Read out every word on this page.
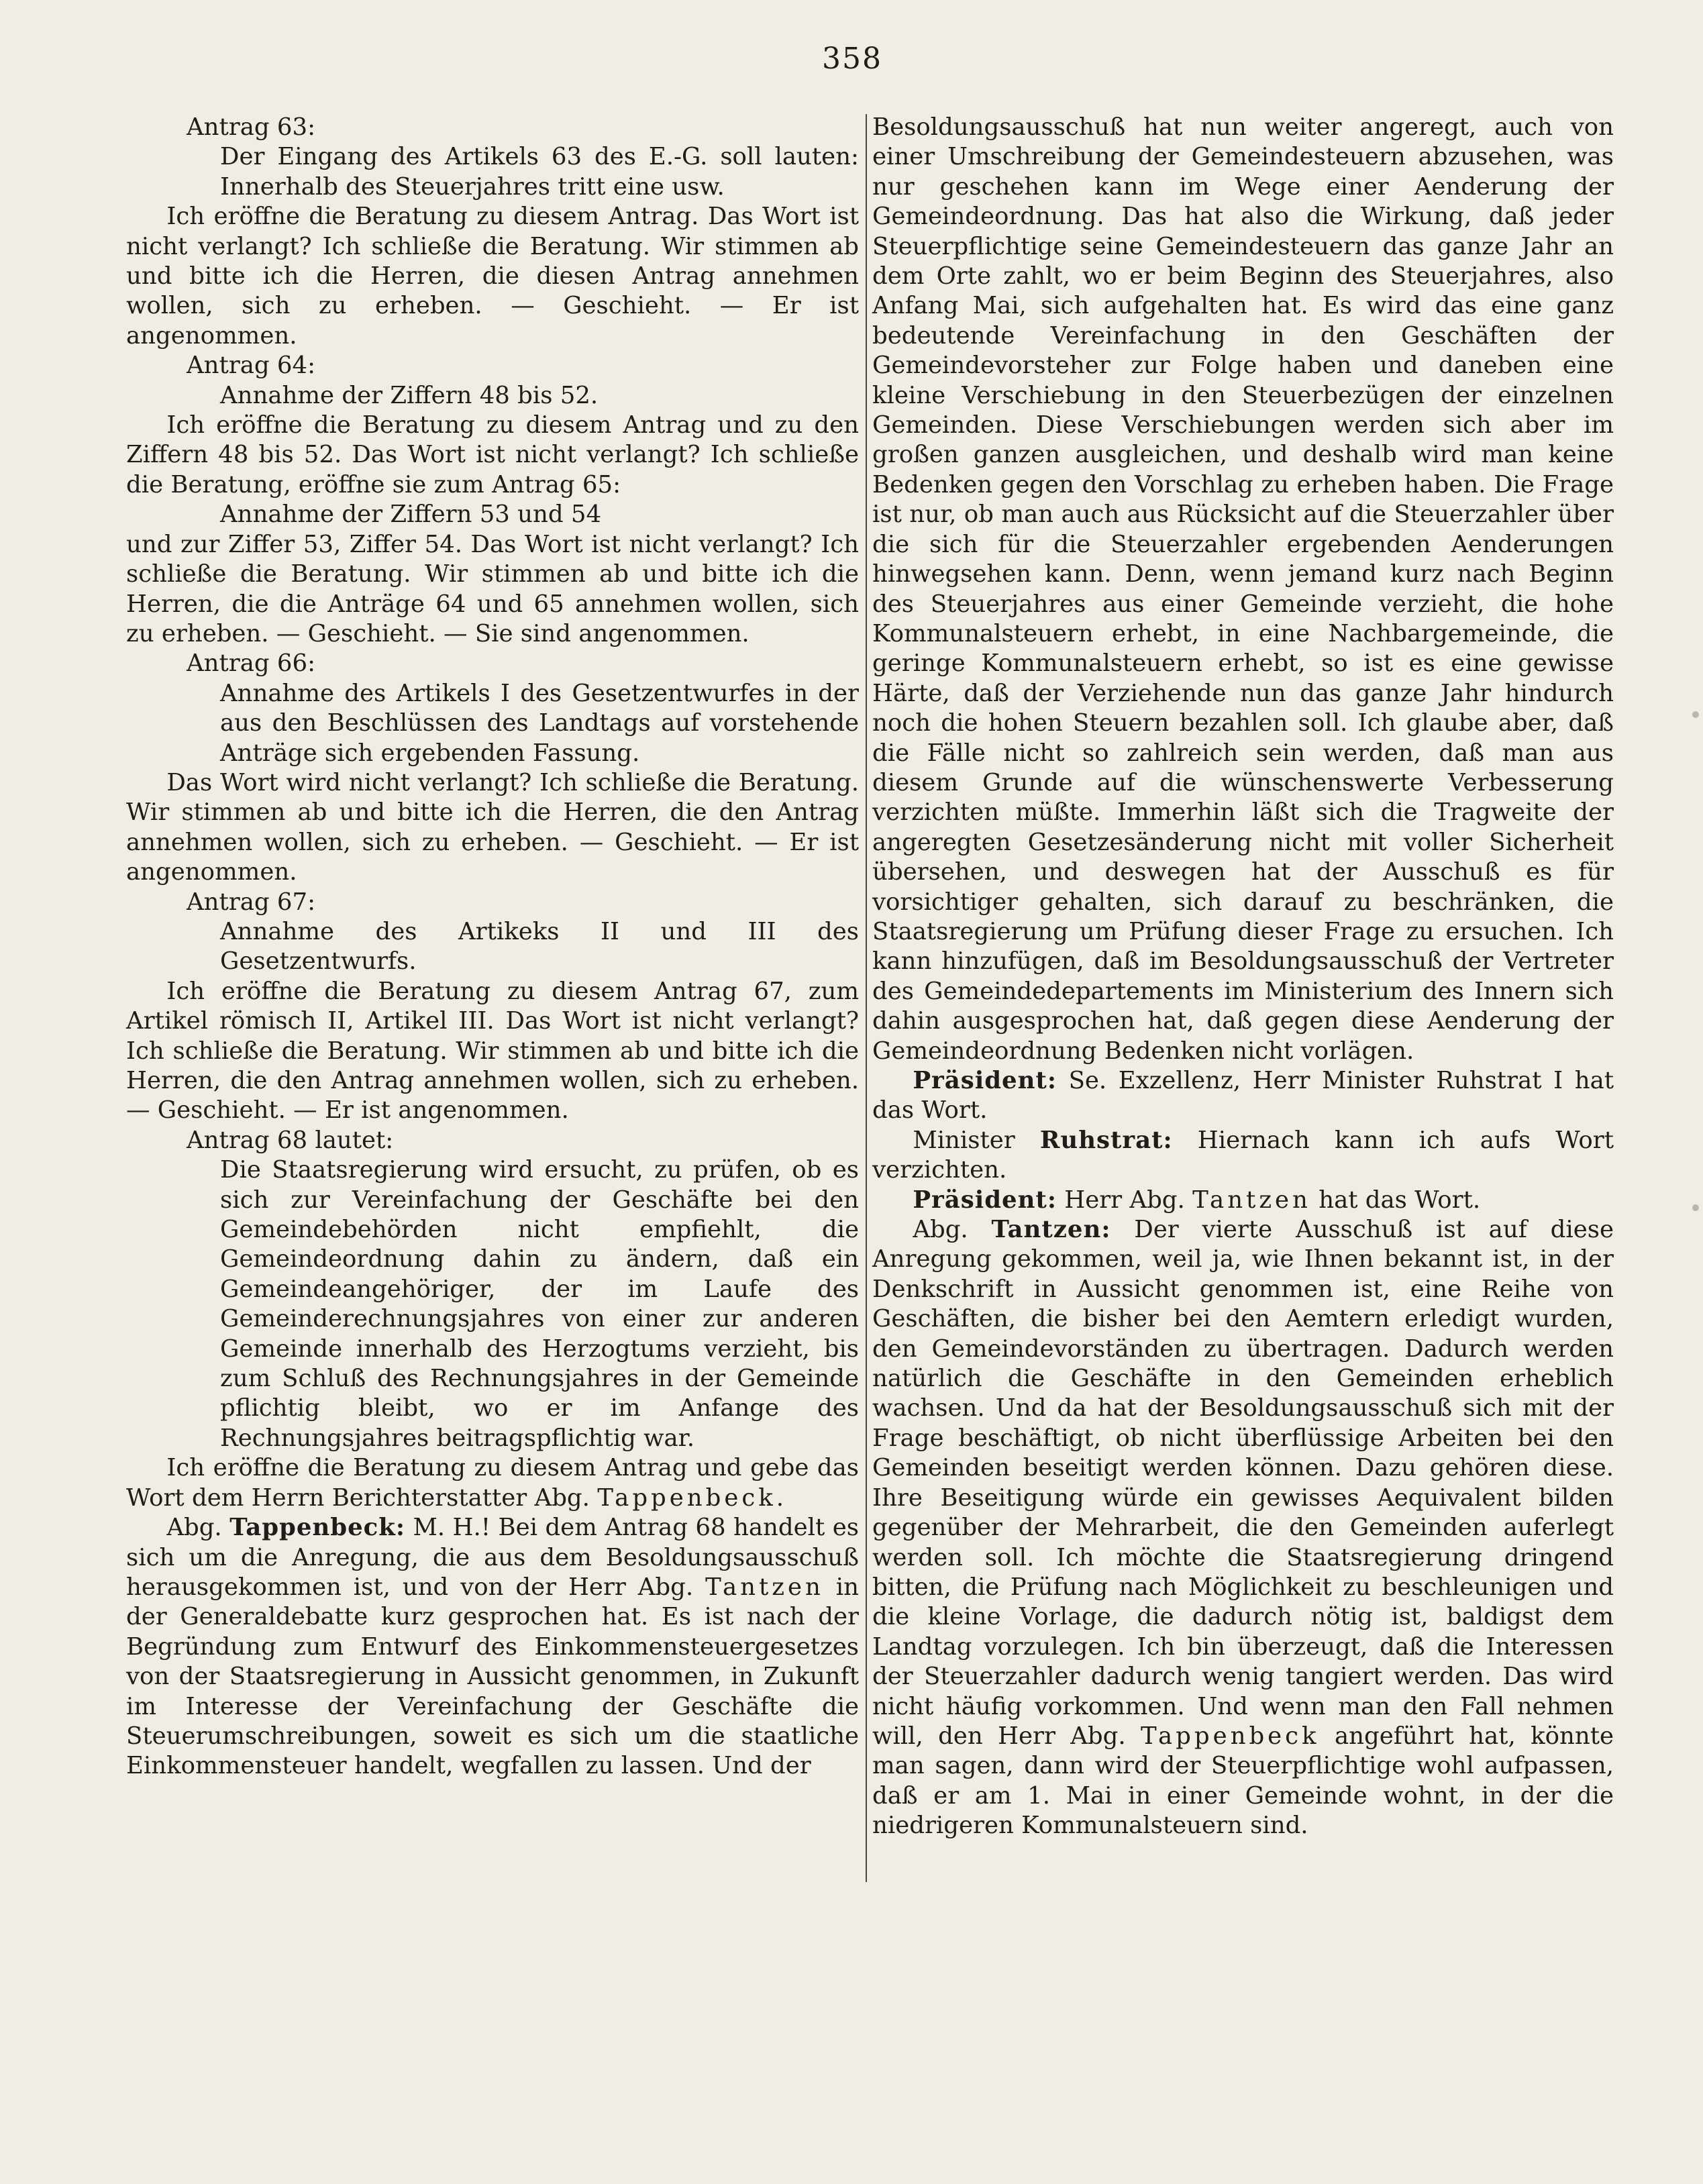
358

Antrag 63:

Der Eingang des Artikels 63 des E.-G. soll lauten: Innerhalb des Steuerjahres tritt eine usw.

Ich eröffne die Beratung zu diesem Antrag. Das Wort ist nicht verlangt? Ich schließe die Beratung. Wir stimmen ab und bitte ich die Herren, die diesen Antrag annehmen wollen, sich zu erheben. — Geschieht. — Er ist angenommen.

Antrag 64:

Annahme der Ziffern 48 bis 52.

Ich eröffne die Beratung zu diesem Antrag und zu den Ziffern 48 bis 52. Das Wort ist nicht verlangt? Ich schließe die Beratung, eröffne sie zum Antrag 65:

Annahme der Ziffern 53 und 54

und zur Ziffer 53, Ziffer 54. Das Wort ist nicht verlangt? Ich schließe die Beratung. Wir stimmen ab und bitte ich die Herren, die die Anträge 64 und 65 annehmen wollen, sich zu erheben. — Geschieht. — Sie sind angenommen.

Antrag 66:

Annahme des Artikels I des Gesetzentwurfes in der aus den Beschlüssen des Landtags auf vorstehende Anträge sich ergebenden Fassung.

Das Wort wird nicht verlangt? Ich schließe die Beratung. Wir stimmen ab und bitte ich die Herren, die den Antrag annehmen wollen, sich zu erheben. — Geschieht. — Er ist angenommen.

Antrag 67:

Annahme des Artikeks II und III des Gesetzentwurfs.

Ich eröffne die Beratung zu diesem Antrag 67, zum Artikel römisch II, Artikel III. Das Wort ist nicht verlangt? Ich schließe die Beratung. Wir stimmen ab und bitte ich die Herren, die den Antrag annehmen wollen, sich zu erheben. — Geschieht. — Er ist angenommen.

Antrag 68 lautet:

Die Staatsregierung wird ersucht, zu prüfen, ob es sich zur Vereinfachung der Geschäfte bei den Gemeindebehörden nicht empfiehlt, die Gemeindeordnung dahin zu ändern, daß ein Gemeindeangehöriger, der im Laufe des Gemeinderechnungsjahres von einer zur anderen Gemeinde innerhalb des Herzogtums verzieht, bis zum Schluß des Rechnungsjahres in der Gemeinde pflichtig bleibt, wo er im Anfange des Rechnungsjahres beitragspflichtig war.

Ich eröffne die Beratung zu diesem Antrag und gebe das Wort dem Herrn Berichterstatter Abg. Tappenbeck.

Abg. Tappenbeck: M. H.! Bei dem Antrag 68 handelt es sich um die Anregung, die aus dem Besoldungsausschuß herausgekommen ist, und von der Herr Abg. Tantzen in der Generaldebatte kurz gesprochen hat. Es ist nach der Begründung zum Entwurf des Einkommensteuergesetzes von der Staatsregierung in Aussicht genommen, in Zukunft im Interesse der Vereinfachung der Geschäfte die Steuerumschreibungen, soweit es sich um die staatliche Einkommensteuer handelt, wegfallen zu lassen. Und der

Besoldungsausschuß hat nun weiter angeregt, auch von einer Umschreibung der Gemeindesteuern abzusehen, was nur geschehen kann im Wege einer Aenderung der Gemeindeordnung. Das hat also die Wirkung, daß jeder Steuerpflichtige seine Gemeindesteuern das ganze Jahr an dem Orte zahlt, wo er beim Beginn des Steuerjahres, also Anfang Mai, sich aufgehalten hat. Es wird das eine ganz bedeutende Vereinfachung in den Geschäften der Gemeindevorsteher zur Folge haben und daneben eine kleine Verschiebung in den Steuerbezügen der einzelnen Gemeinden. Diese Verschiebungen werden sich aber im großen ganzen ausgleichen, und deshalb wird man keine Bedenken gegen den Vorschlag zu erheben haben. Die Frage ist nur, ob man auch aus Rücksicht auf die Steuerzahler über die sich für die Steuerzahler ergebenden Aenderungen hinwegsehen kann. Denn, wenn jemand kurz nach Beginn des Steuerjahres aus einer Gemeinde verzieht, die hohe Kommunalsteuern erhebt, in eine Nachbargemeinde, die geringe Kommunalsteuern erhebt, so ist es eine gewisse Härte, daß der Verziehende nun das ganze Jahr hindurch noch die hohen Steuern bezahlen soll. Ich glaube aber, daß die Fälle nicht so zahlreich sein werden, daß man aus diesem Grunde auf die wünschenswerte Verbesserung verzichten müßte. Immerhin läßt sich die Tragweite der angeregten Gesetzesänderung nicht mit voller Sicherheit übersehen, und deswegen hat der Ausschuß es für vorsichtiger gehalten, sich darauf zu beschränken, die Staatsregierung um Prüfung dieser Frage zu ersuchen. Ich kann hinzufügen, daß im Besoldungsausschuß der Vertreter des Gemeindedepartements im Ministerium des Innern sich dahin ausgesprochen hat, daß gegen diese Aenderung der Gemeindeordnung Bedenken nicht vorlägen.

Präsident: Se. Exzellenz, Herr Minister Ruhstrat I hat das Wort.

Minister Ruhstrat: Hiernach kann ich aufs Wort verzichten.

Präsident: Herr Abg. Tantzen hat das Wort.

Abg. Tantzen: Der vierte Ausschuß ist auf diese Anregung gekommen, weil ja, wie Ihnen bekannt ist, in der Denkschrift in Aussicht genommen ist, eine Reihe von Geschäften, die bisher bei den Aemtern erledigt wurden, den Gemeindevorständen zu übertragen. Dadurch werden natürlich die Geschäfte in den Gemeinden erheblich wachsen. Und da hat der Besoldungsausschuß sich mit der Frage beschäftigt, ob nicht überflüssige Arbeiten bei den Gemeinden beseitigt werden können. Dazu gehören diese. Ihre Beseitigung würde ein gewisses Aequivalent bilden gegenüber der Mehrarbeit, die den Gemeinden auferlegt werden soll. Ich möchte die Staatsregierung dringend bitten, die Prüfung nach Möglichkeit zu beschleunigen und die kleine Vorlage, die dadurch nötig ist, baldigst dem Landtag vorzulegen. Ich bin überzeugt, daß die Interessen der Steuerzahler dadurch wenig tangiert werden. Das wird nicht häufig vorkommen. Und wenn man den Fall nehmen will, den Herr Abg. Tappenbeck angeführt hat, könnte man sagen, dann wird der Steuerpflichtige wohl aufpassen, daß er am 1. Mai in einer Gemeinde wohnt, in der die niedrigeren Kommunalsteuern sind.
